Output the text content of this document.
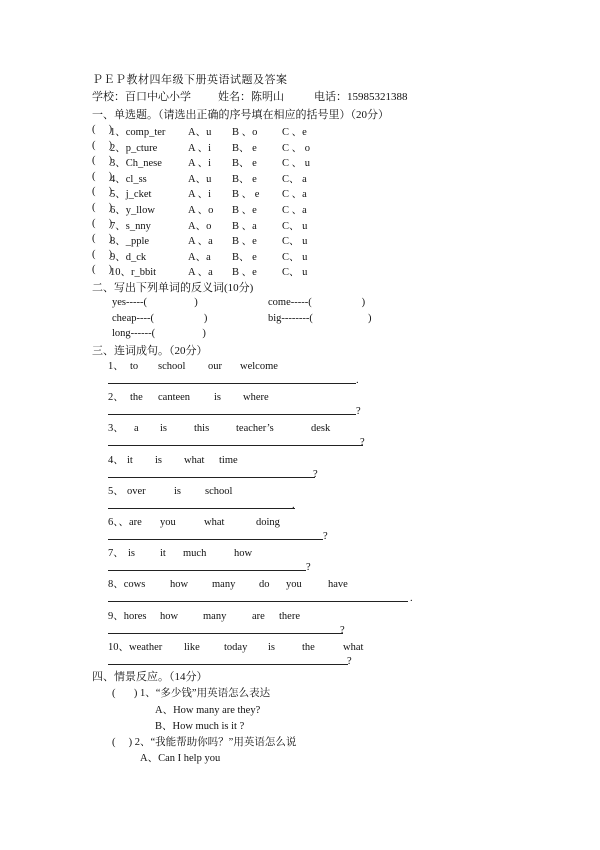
ＰＥＰ教材四年级下册英语试题及答案
学校：百口中心小学 姓名：陈明山	电话：15985321388
一、单选题。（请选出正确的序号填在相应的括号里）（20分）
(     )
1、comp_ter A、u B 、o C 、e
(     )
2、p_cture	A 、i B、 e C 、 o
(     )
3、Ch_nese A 、i B、 e C 、 u
(     )
4、cl_ss	A、u B、 e C、 a
(     )
5、j_cket	A 、i B 、 e C 、a
(     )
6、y_llow	A 、o B 、e C 、a
(     )
7、s_nny	A、o B 、a C、 u
(     )
8、_pple	A 、a B 、e C、 u
(     )
9、d_ck	A、a B、 e C、 u
(     )
10、r_bbit	A 、a B 、e C、 u
二、写出下列单词的反义词(10分)
yes-----(                  )	come-----(                   )
cheap----(                   )	big--------(                     )
long------(                  )
三、连词成句。（20分）
1、 to school our welcome
.
2、 the canteen is where
?
3、 a is	this	teacher’s	desk
?
4、 it is what time
?
5、 over	is school
.
6、、are you	what	doing
?
7、 is it much	how
?
8、cows how many do you	have
.
9、hores how many are there
?
10、weather like today is	the	what
?
四、情景反应。（14分）
(       ) 1、“多少钱”用英语怎么表达
A、How many are they?
B、How much is it ?
(     ) 2、“我能帮助你吗？”用英语怎么说
A、Can I help you
